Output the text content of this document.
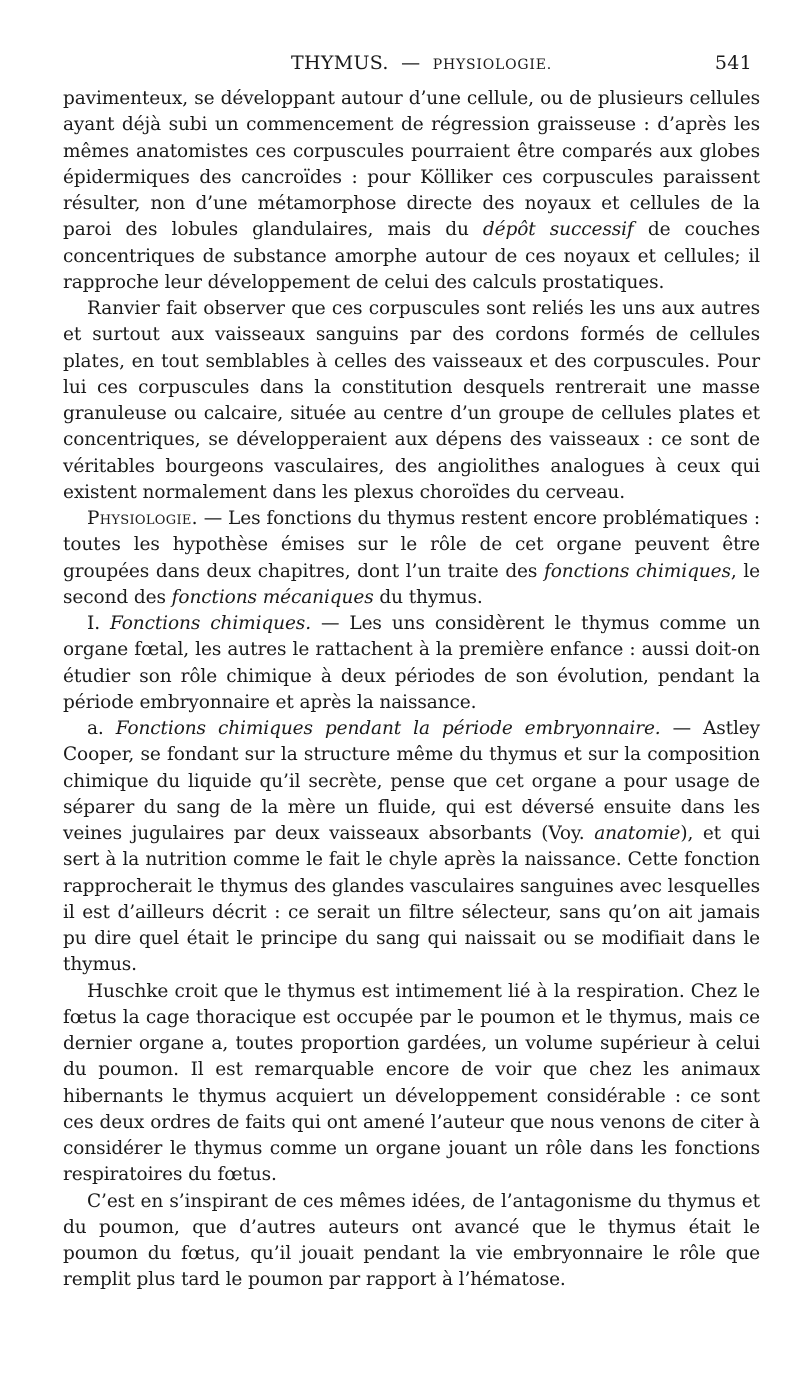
THYMUS. — PHYSIOLOGIE.	541

pavimenteux, se développant autour d’une cellule, ou de plusieurs cellules ayant déjà subi un commencement de régression graisseuse : d’après les mêmes anatomistes ces corpuscules pourraient être comparés aux globes épidermiques des cancroïdes : pour Kölliker ces corpuscules paraissent résulter, non d’une métamorphose directe des noyaux et cellules de la paroi des lobules glandulaires, mais du dépôt successif de couches concentriques de substance amorphe autour de ces noyaux et cellules; il rapproche leur développement de celui des calculs prostatiques.

Ranvier fait observer que ces corpuscules sont reliés les uns aux autres et surtout aux vaisseaux sanguins par des cordons formés de cellules plates, en tout semblables à celles des vaisseaux et des corpuscules. Pour lui ces corpuscules dans la constitution desquels rentrerait une masse granuleuse ou calcaire, située au centre d’un groupe de cellules plates et concentriques, se développeraient aux dépens des vaisseaux : ce sont de véritables bourgeons vasculaires, des angiolithes analogues à ceux qui existent normalement dans les plexus choroïdes du cerveau.

Physiologie. — Les fonctions du thymus restent encore problématiques : toutes les hypothèse émises sur le rôle de cet organe peuvent être groupées dans deux chapitres, dont l’un traite des fonctions chimiques, le second des fonctions mécaniques du thymus.

I. Fonctions chimiques. — Les uns considèrent le thymus comme un organe fœtal, les autres le rattachent à la première enfance : aussi doit-on étudier son rôle chimique à deux périodes de son évolution, pendant la période embryonnaire et après la naissance.

a. Fonctions chimiques pendant la période embryonnaire. — Astley Cooper, se fondant sur la structure même du thymus et sur la composition chimique du liquide qu’il secrète, pense que cet organe a pour usage de séparer du sang de la mère un fluide, qui est déversé ensuite dans les veines jugulaires par deux vaisseaux absorbants (Voy. anatomie), et qui sert à la nutrition comme le fait le chyle après la naissance. Cette fonction rapprocherait le thymus des glandes vasculaires sanguines avec lesquelles il est d’ailleurs décrit : ce serait un filtre sélecteur, sans qu’on ait jamais pu dire quel était le principe du sang qui naissait ou se modifiait dans le thymus.

Huschke croit que le thymus est intimement lié à la respiration. Chez le fœtus la cage thoracique est occupée par le poumon et le thymus, mais ce dernier organe a, toutes proportion gardées, un volume supérieur à celui du poumon. Il est remarquable encore de voir que chez les animaux hibernants le thymus acquiert un développement considérable : ce sont ces deux ordres de faits qui ont amené l’auteur que nous venons de citer à considérer le thymus comme un organe jouant un rôle dans les fonctions respiratoires du fœtus.

C’est en s’inspirant de ces mêmes idées, de l’antagonisme du thymus et du poumon, que d’autres auteurs ont avancé que le thymus était le poumon du fœtus, qu’il jouait pendant la vie embryonnaire le rôle que remplit plus tard le poumon par rapport à l’hématose.
